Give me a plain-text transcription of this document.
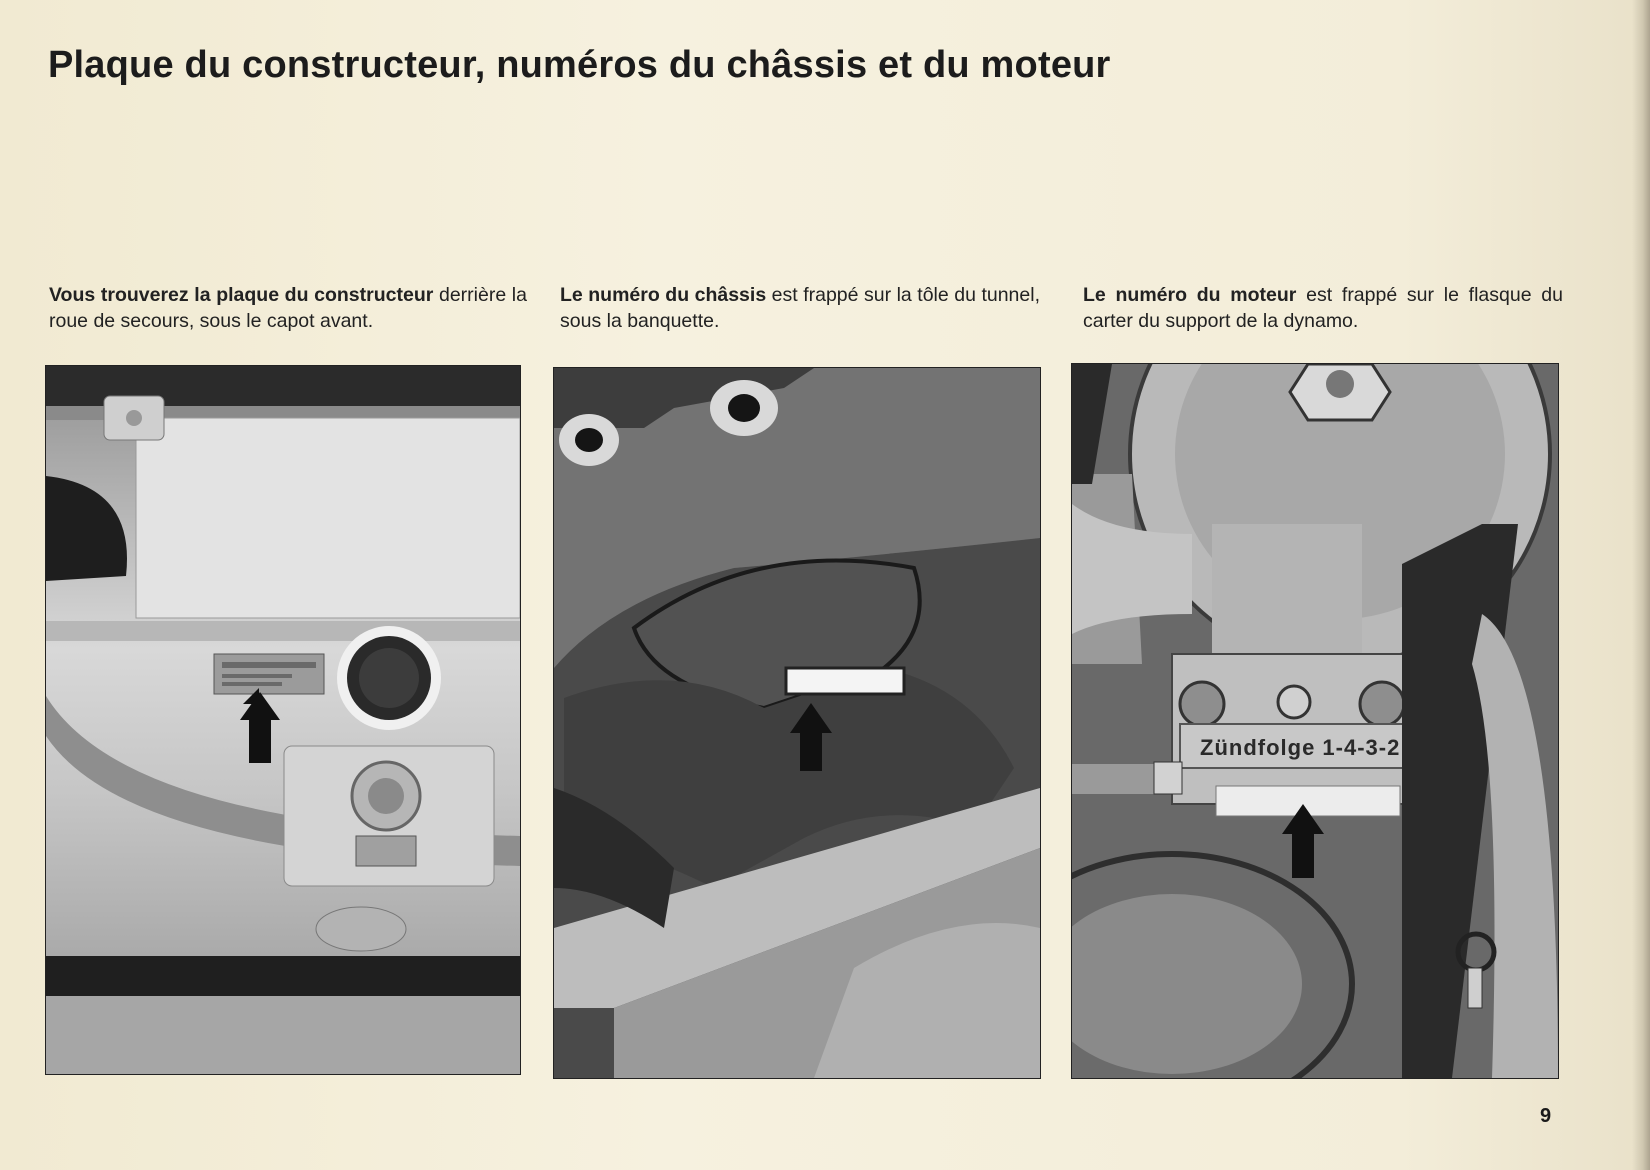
Plaque du constructeur, numéros du châssis et du moteur

Vous trouverez la plaque du constructeur derrière la roue de secours, sous le capot avant.

Le numéro du châssis est frappé sur la tôle du tunnel, sous la banquette.

Le numéro du moteur est frappé sur le flasque du carter du support de la dynamo.

Zündfolge 1-4-3-2

9
